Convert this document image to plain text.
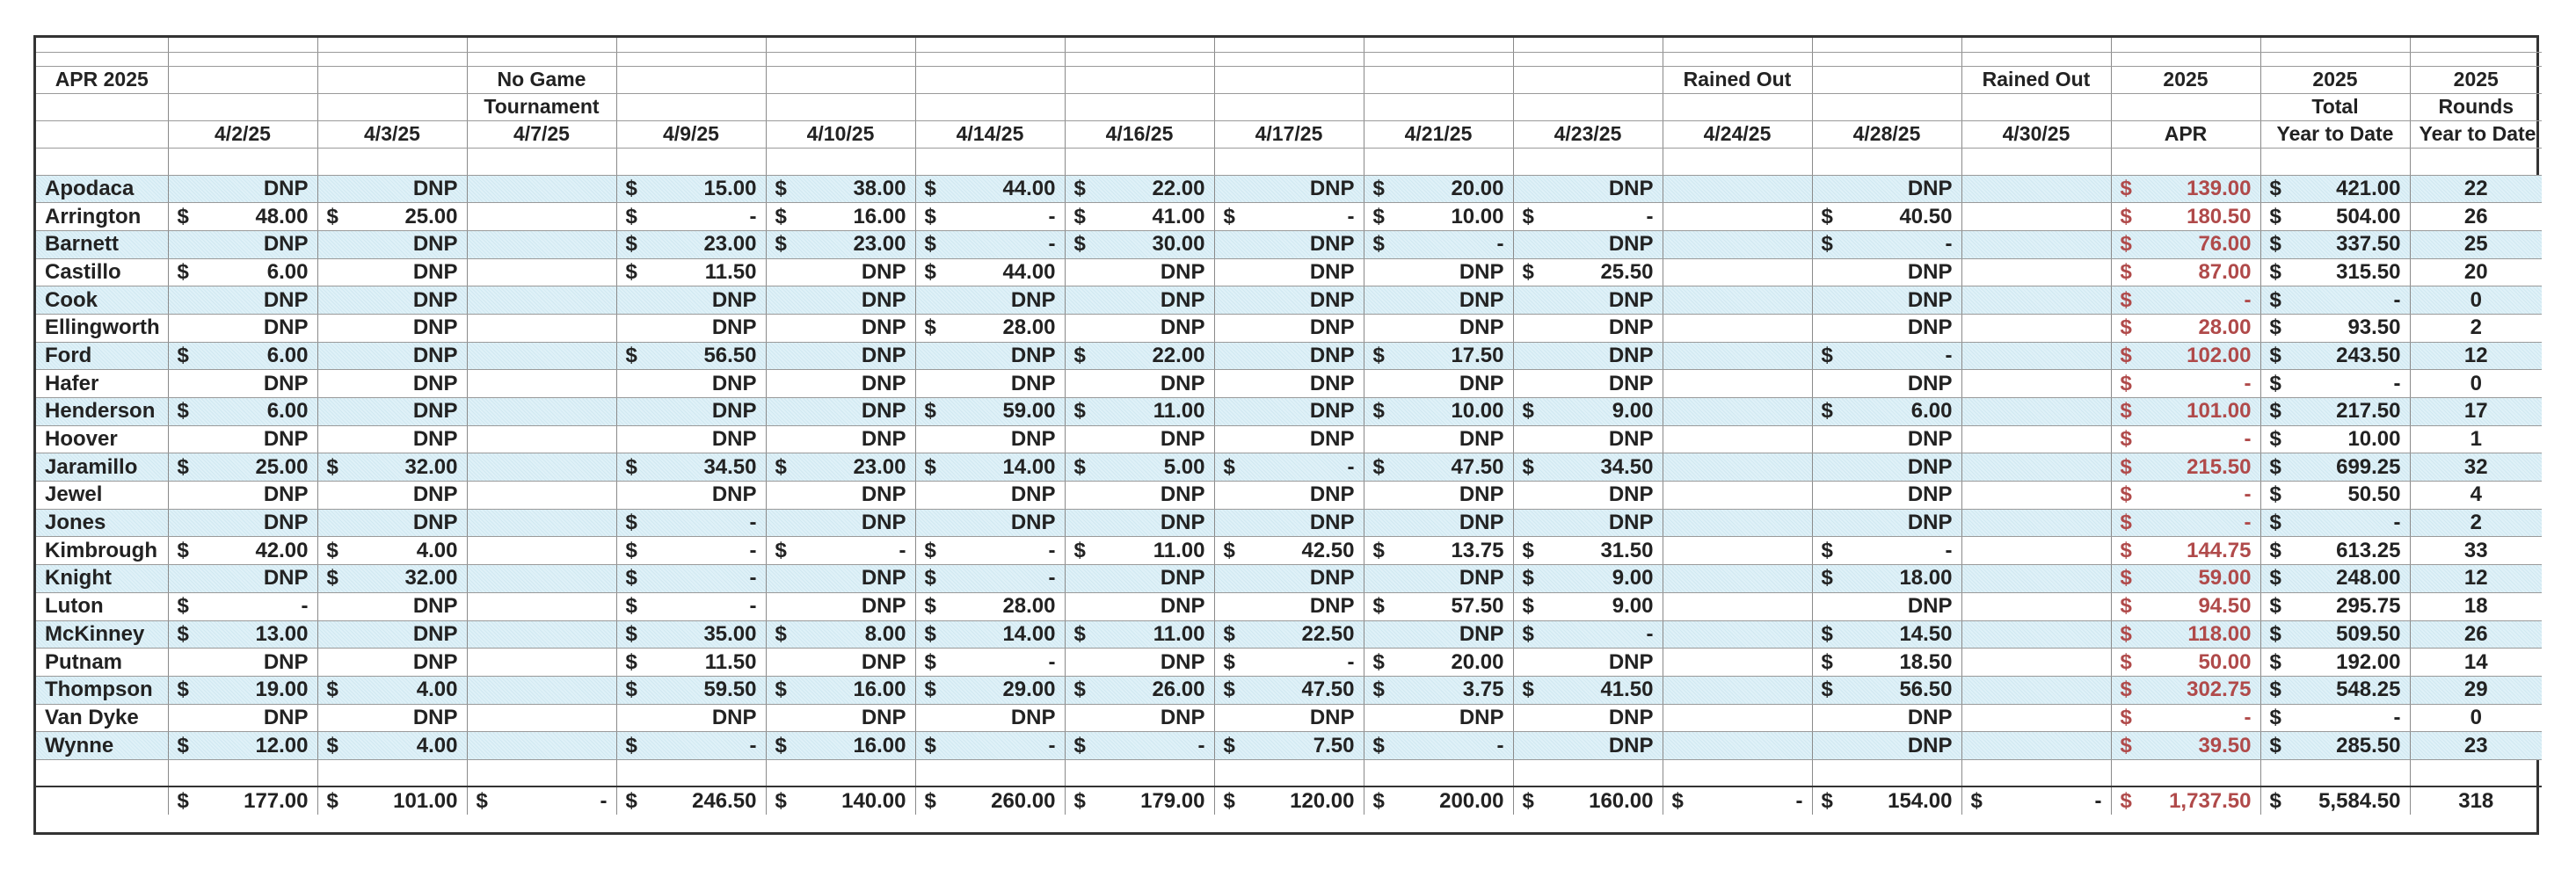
APR 2025			No Game								Rained Out		Rained Out	2025	2025	2025
			Tournament												Total	Rounds
	4/2/25	4/3/25	4/7/25	4/9/25	4/10/25	4/14/25	4/16/25	4/17/25	4/21/25	4/23/25	4/24/25	4/28/25	4/30/25	APR	Year to Date	Year to Date

Apodaca	DNP	DNP		$ 15.00	$ 38.00	$ 44.00	$ 22.00	DNP	$ 20.00	DNP		DNP		$ 139.00	$ 421.00	22
Arrington	$ 48.00	$ 25.00		$ -	$ 16.00	$ -	$ 41.00	$ -	$ 10.00	$ -		$ 40.50		$ 180.50	$ 504.00	26
Barnett	DNP	DNP		$ 23.00	$ 23.00	$ -	$ 30.00	DNP	$ -	DNP		$ -		$ 76.00	$ 337.50	25
Castillo	$ 6.00	DNP		$ 11.50	DNP	$ 44.00	DNP	DNP	DNP	$ 25.50		DNP		$ 87.00	$ 315.50	20
Cook	DNP	DNP		DNP	DNP	DNP	DNP	DNP	DNP	DNP		DNP		$ -	$ -	0
Ellingworth	DNP	DNP		DNP	DNP	$ 28.00	DNP	DNP	DNP	DNP		DNP		$ 28.00	$ 93.50	2
Ford	$ 6.00	DNP		$ 56.50	DNP	DNP	$ 22.00	DNP	$ 17.50	DNP		$ -		$ 102.00	$ 243.50	12
Hafer	DNP	DNP		DNP	DNP	DNP	DNP	DNP	DNP	DNP		DNP		$ -	$ -	0
Henderson	$ 6.00	DNP		DNP	DNP	$ 59.00	$ 11.00	DNP	$ 10.00	$ 9.00		$ 6.00		$ 101.00	$ 217.50	17
Hoover	DNP	DNP		DNP	DNP	DNP	DNP	DNP	DNP	DNP		DNP		$ -	$ 10.00	1
Jaramillo	$ 25.00	$ 32.00		$ 34.50	$ 23.00	$ 14.00	$ 5.00	$ -	$ 47.50	$ 34.50		DNP		$ 215.50	$ 699.25	32
Jewel	DNP	DNP		DNP	DNP	DNP	DNP	DNP	DNP	DNP		DNP		$ -	$ 50.50	4
Jones	DNP	DNP		$ -	DNP	DNP	DNP	DNP	DNP	DNP		DNP		$ -	$ -	2
Kimbrough	$ 42.00	$ 4.00		$ -	$ -	$ -	$ 11.00	$ 42.50	$ 13.75	$ 31.50		$ -		$ 144.75	$ 613.25	33
Knight	DNP	$ 32.00		$ -	DNP	$ -	DNP	DNP	DNP	$ 9.00		$ 18.00		$ 59.00	$ 248.00	12
Luton	$ -	DNP		$ -	DNP	$ 28.00	DNP	DNP	$ 57.50	$ 9.00		DNP		$ 94.50	$ 295.75	18
McKinney	$ 13.00	DNP		$ 35.00	$ 8.00	$ 14.00	$ 11.00	$ 22.50	DNP	$ -		$ 14.50		$ 118.00	$ 509.50	26
Putnam	DNP	DNP		$ 11.50	DNP	$ -	DNP	$ -	$ 20.00	DNP		$ 18.50		$ 50.00	$ 192.00	14
Thompson	$ 19.00	$ 4.00		$ 59.50	$ 16.00	$ 29.00	$ 26.00	$ 47.50	$ 3.75	$ 41.50		$ 56.50		$ 302.75	$ 548.25	29
Van Dyke	DNP	DNP		DNP	DNP	DNP	DNP	DNP	DNP	DNP		DNP		$ -	$ -	0
Wynne	$ 12.00	$ 4.00		$ -	$ 16.00	$ -	$ -	$ 7.50	$ -	DNP		DNP		$ 39.50	$ 285.50	23

	$ 177.00	$ 101.00	$ -	$ 246.50	$ 140.00	$ 260.00	$ 179.00	$ 120.00	$ 200.00	$ 160.00	$ -	$ 154.00	$ -	$ 1,737.50	$ 5,584.50	318
